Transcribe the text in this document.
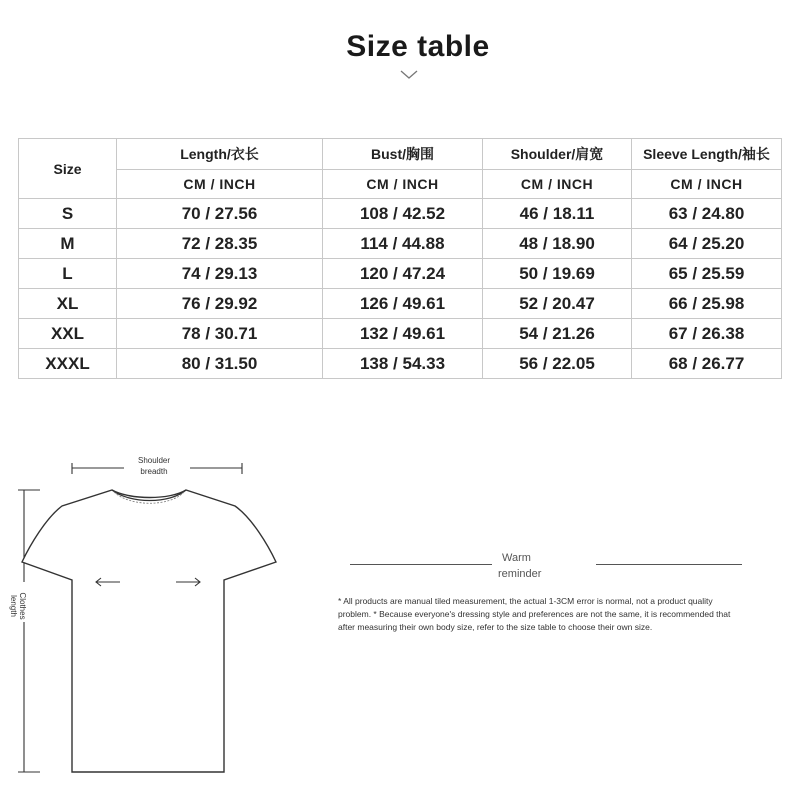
Size table
Size	Length/衣长	Bust/胸围	Shoulder/肩宽	Sleeve Length/袖长
	CM / INCH	CM / INCH	CM / INCH	CM / INCH
S	70 / 27.56	108 / 42.52	46 / 18.11	63 / 24.80
M	72 / 28.35	114 / 44.88	48 / 18.90	64 / 25.20
L	74 / 29.13	120 / 47.24	50 / 19.69	65 / 25.59
XL	76 / 29.92	126 / 49.61	52 / 20.47	66 / 25.98
XXL	78 / 30.71	132 / 49.61	54 / 21.26	67 / 26.38
XXXL	80 / 31.50	138 / 54.33	56 / 22.05	68 / 26.77
Shoulder
breadth
Clothes
length
Warm
reminder
* All products are manual tiled measurement, the actual 1-3CM error is normal, not a product quality
problem. * Because everyone's dressing style and preferences are not the same, it is recommended that
after measuring their own body size, refer to the size table to choose their own size.
